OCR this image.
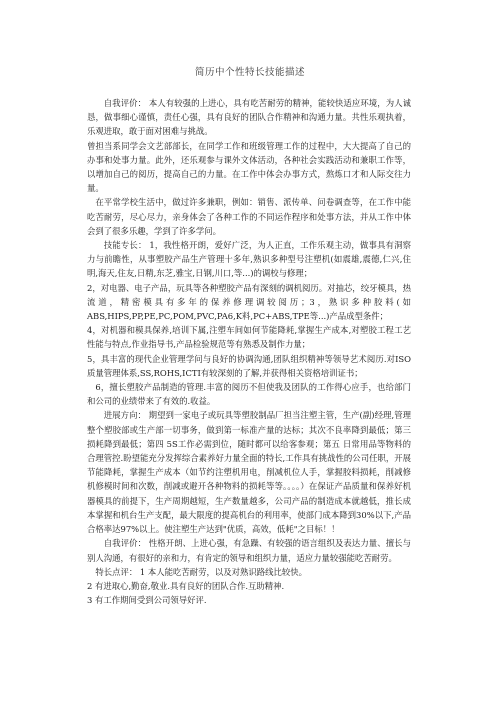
简历中个性特长技能描述

自我评价： 本人有较强的上进心，具有吃苦耐劳的精神，能较快适应环境，为人诚恳，做事细心谨慎，责任心强，具有良好的团队合作精神和沟通力量。共性乐观执着，乐观进取，敢于面对困难与挑战。

曾担当系同学会文艺部部长，在同学工作和班级管理工作的过程中，大大提高了自己的办事和处事力量。此外，还乐观参与课外文体活动，各种社会实践活动和兼职工作等，以增加自己的阅历，提高自己的力量。在工作中体会办事方式，熬炼口才和人际交往力量。

在平常学校生活中，做过许多兼职，例如：销售、派传单、问卷调查等，在工作中能吃苦耐劳，尽心尽力，亲身体会了各种工作的不同运作程序和处事方法，并从工作中体会到了很多乐趣，学到了许多学问。

技能专长： 1，我性格开朗，爱好广泛，为人正直，工作乐观主动，做事具有洞察力与前瞻性，从事塑胶产品生产管理十多年,熟识多种型号注塑机(如震雄,震德,仁兴,住明,海天,住友,日精,东芝,雅宝,日钢,川口,等...)的调校与修理；

2，对电器、电子产品，玩具等各种塑胶产品有深刻的调机阅历。对抽芯，绞牙模具，热流道，精密模具有多年的保养修理调较阅历；3，熟识多种胶料(如ABS,HIPS,PP,PE,PC,POM,PVC,PA6,K料,PC+ABS,TPE等...)产品成型条件；

4，对机器和模具保养,培训下属,注塑车间如何节能降耗,掌握生产成本,对塑胶工程工艺性能与特点,作业指导书,产品检验规范等有熟悉及制作力量；

5，具丰富的现代企业管理学问与良好的协调沟通,团队组织精神等领导艺术阅历.对ISO质量管理体系,SS,ROHS,ICTI有较深刻的了解,并获得相关资格培训证书；

6，擅长塑胶产品制造的管理.丰富的阅历不但使我及团队的工作得心应手，也给部门和公司的业绩带来了有效的.收益。

进展方向： 期望到一家电子或玩具等塑胶制品厂担当注塑主管，生产(副)经理,管理整个塑胶部或生产部一切事务，做到第一标准产量的达标；其次不良率降到最低；第三 损耗降到最低；第四 5S工作必需到位，随时都可以给客参观；第五 日常用品等物料的合理管控.盼望能充分发挥综合素养好力量全面的特长,工作具有挑战性的公司任职，开展节能降耗，掌握生产成本（如节约注塑机用电，削减机位人手，掌握胶料损耗，削减修机修模时间和次数，削减或避开各种物料的损耗等等。。。。）在保证产品质量和保养好机器模具的前提下，生产周期越短，生产数量越多，公司产品的制造成本就越低，推长成本掌握和机台生产支配，最大限度的提高机台的利用率，使部门成本降到30%以下,产品合格率达97%以上。使注塑生产达到"优质，高效，低耗"之目标！！

自我评价： 性格开朗、上进心强，有急躁、有较强的语言组织及表达力量、擅长与别人沟通，有很好的亲和力，有肯定的领导和组织力量，适应力量较强能吃苦耐劳。

特长点评： 1 本人能吃苦耐劳，以及对熟识路线比较快。

2 有进取心,勤奋,敬业.具有良好的团队合作.互助精神.

3 有工作期间受到公司领导好评.
